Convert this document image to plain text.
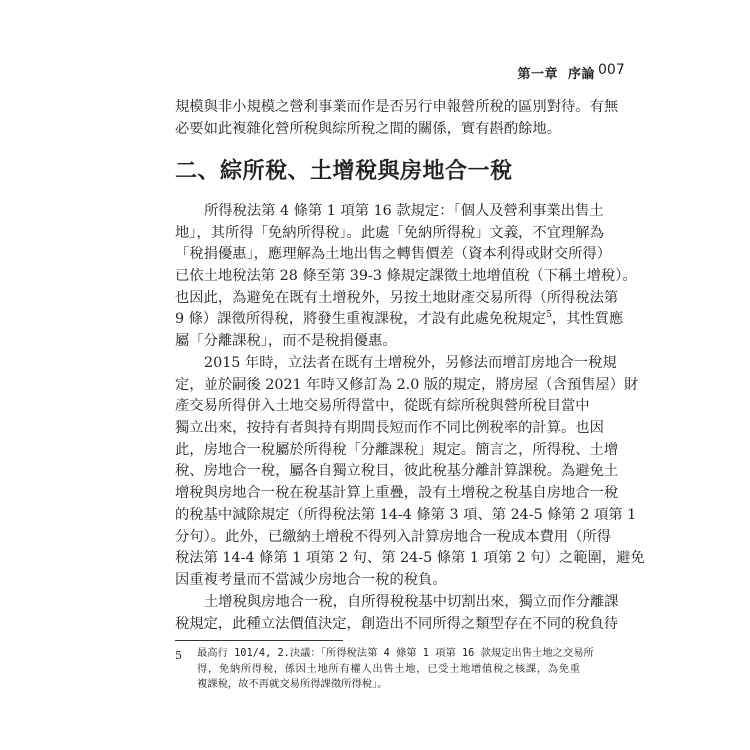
第一章 序論 007
規模與非小規模之營利事業而作是否另行申報營所稅的區別對待。有無
必要如此複雜化營所稅與綜所稅之間的關係，實有斟酌餘地。
二、綜所稅、土增稅與房地合一稅
所得稅法第 4 條第 1 項第 16 款規定：「個人及營利事業出售土
地」，其所得「免納所得稅」。此處「免納所得稅」文義，不宜理解為
「稅捐優惠」，應理解為土地出售之轉售價差（資本利得或財交所得）
已依土地稅法第 28 條至第 39-3 條規定課徵土地增值稅（下稱土增稅）。
也因此，為避免在既有土增稅外，另按土地財產交易所得（所得稅法第
9 條）課徵所得稅，將發生重複課稅，才設有此處免稅規定$^5$，其性質應
屬「分離課稅」，而不是稅捐優惠。
2015 年時，立法者在既有土增稅外，另修法而增訂房地合一稅規
定，並於嗣後 2021 年時又修訂為 2.0 版的規定，將房屋（含預售屋）財
產交易所得併入土地交易所得當中，從既有綜所稅與營所稅目當中
獨立出來，按持有者與持有期間長短而作不同比例稅率的計算。也因
此，房地合一稅屬於所得稅「分離課稅」規定。簡言之，所得稅、土增
稅、房地合一稅，屬各自獨立稅目，彼此稅基分離計算課稅。為避免土
增稅與房地合一稅在稅基計算上重疊，設有土增稅之稅基自房地合一稅
的稅基中減除規定（所得稅法第 14-4 條第 3 項、第 24-5 條第 2 項第 1
分句）。此外，已繳納土增稅不得列入計算房地合一稅成本費用（所得
稅法第 14-4 條第 1 項第 2 句、第 24-5 條第 1 項第 2 句）之範圍，避免
因重複考量而不當減少房地合一稅的稅負。
土增稅與房地合一稅，自所得稅稅基中切割出來，獨立而作分離課
稅規定，此種立法價值決定，創造出不同所得之類型存在不同的稅負待
5 最高行 101/4, 2.決議：「所得稅法第 4 條第 1 項第 16 款規定出售土地之交易所
得，免納所得稅，係因土地所有權人出售土地，已受土地增值稅之核課，為免重
複課稅，故不再就交易所得課徵所得稅」。
